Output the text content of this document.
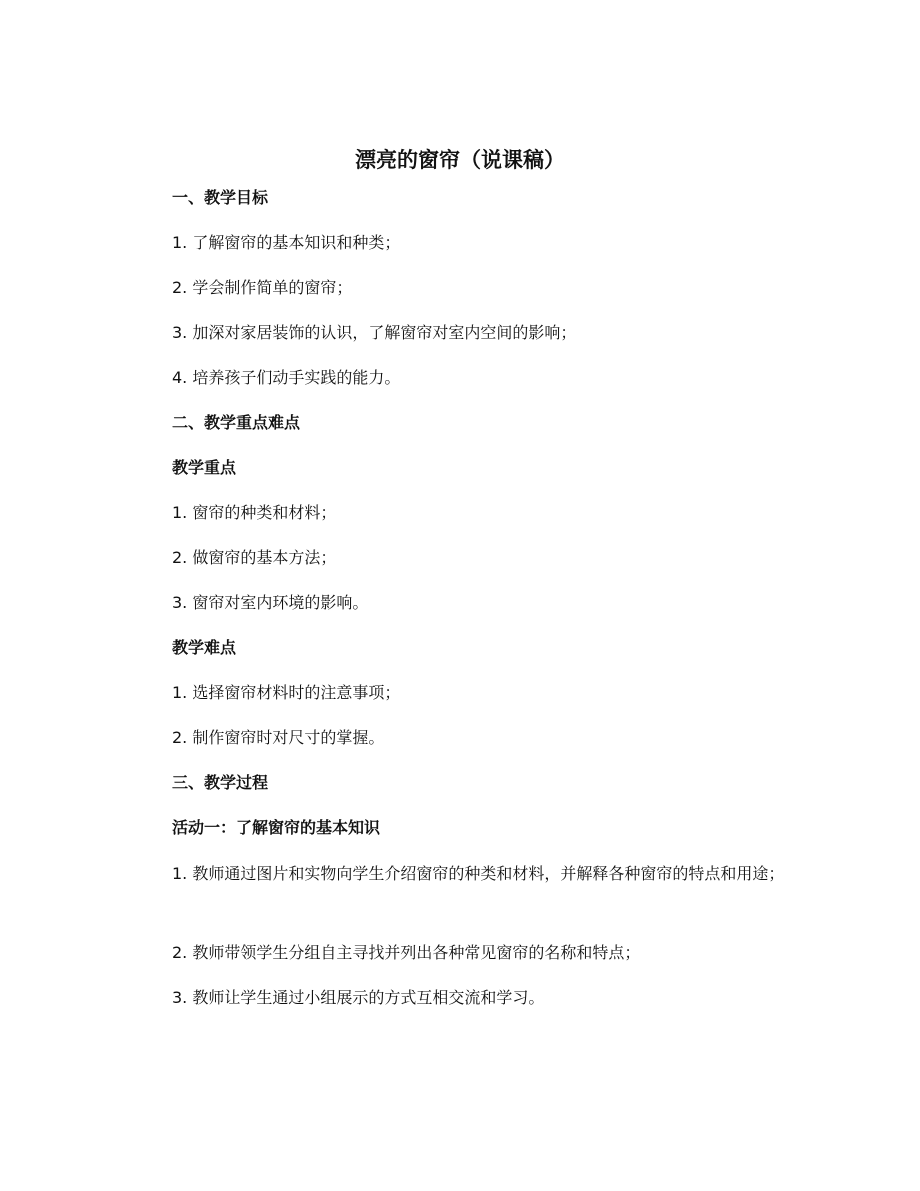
漂亮的窗帘（说课稿）
一、教学目标
1. 了解窗帘的基本知识和种类；
2. 学会制作简单的窗帘；
3. 加深对家居装饰的认识，了解窗帘对室内空间的影响；
4. 培养孩子们动手实践的能力。
二、教学重点难点
教学重点
1. 窗帘的种类和材料；
2. 做窗帘的基本方法；
3. 窗帘对室内环境的影响。
教学难点
1. 选择窗帘材料时的注意事项；
2. 制作窗帘时对尺寸的掌握。
三、教学过程
活动一：了解窗帘的基本知识
1. 教师通过图片和实物向学生介绍窗帘的种类和材料，并解释各种窗帘的特点和用途；
2. 教师带领学生分组自主寻找并列出各种常见窗帘的名称和特点；
3. 教师让学生通过小组展示的方式互相交流和学习。
